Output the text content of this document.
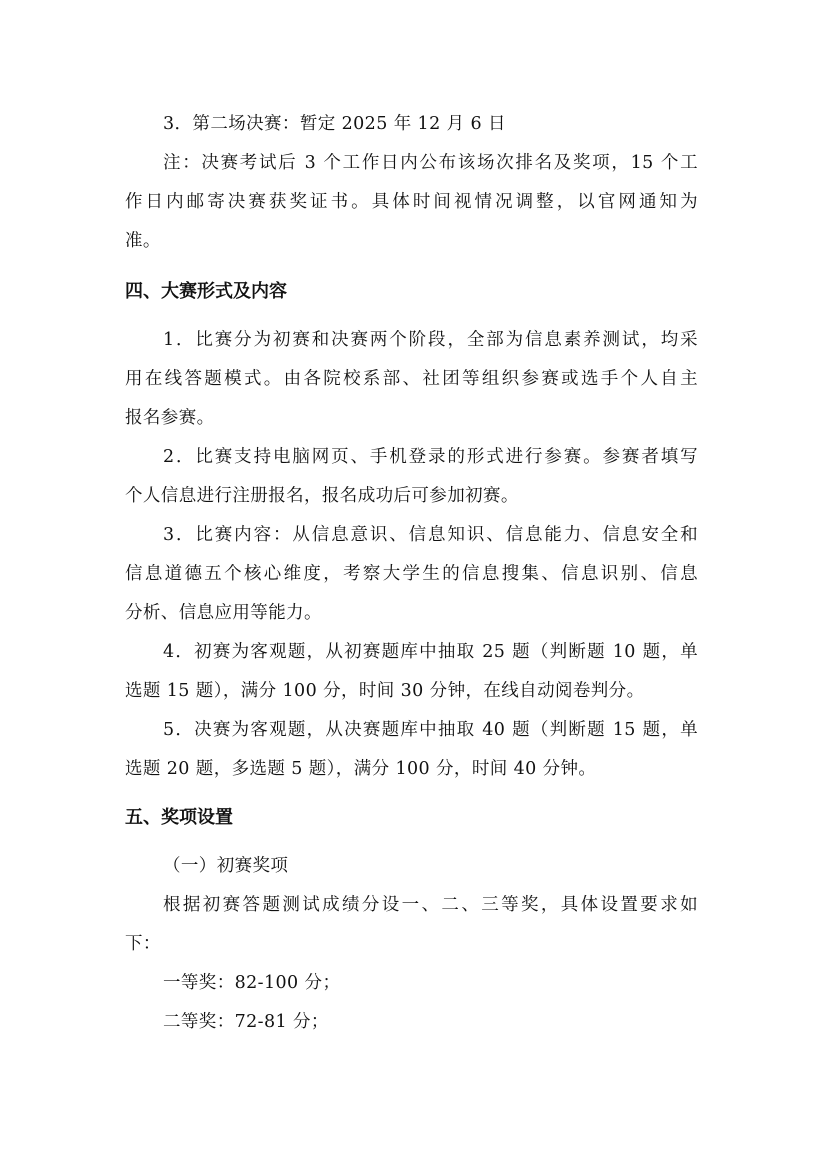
3．第二场决赛：暂定 2025 年 12 月 6 日
注：决赛考试后 3 个工作日内公布该场次排名及奖项，15 个工
作日内邮寄决赛获奖证书。具体时间视情况调整，以官网通知为
准。
四、大赛形式及内容
1．比赛分为初赛和决赛两个阶段，全部为信息素养测试，均采
用在线答题模式。由各院校系部、社团等组织参赛或选手个人自主
报名参赛。
2．比赛支持电脑网页、手机登录的形式进行参赛。参赛者填写
个人信息进行注册报名，报名成功后可参加初赛。
3．比赛内容：从信息意识、信息知识、信息能力、信息安全和
信息道德五个核心维度，考察大学生的信息搜集、信息识别、信息
分析、信息应用等能力。
4．初赛为客观题，从初赛题库中抽取 25 题（判断题 10 题，单
选题 15 题），满分 100 分，时间 30 分钟，在线自动阅卷判分。
5．决赛为客观题，从决赛题库中抽取 40 题（判断题 15 题，单
选题 20 题，多选题 5 题），满分 100 分，时间 40 分钟。
五、奖项设置
（一）初赛奖项
根据初赛答题测试成绩分设一、二、三等奖，具体设置要求如
下：
一等奖：82-100 分；
二等奖：72-81 分；
